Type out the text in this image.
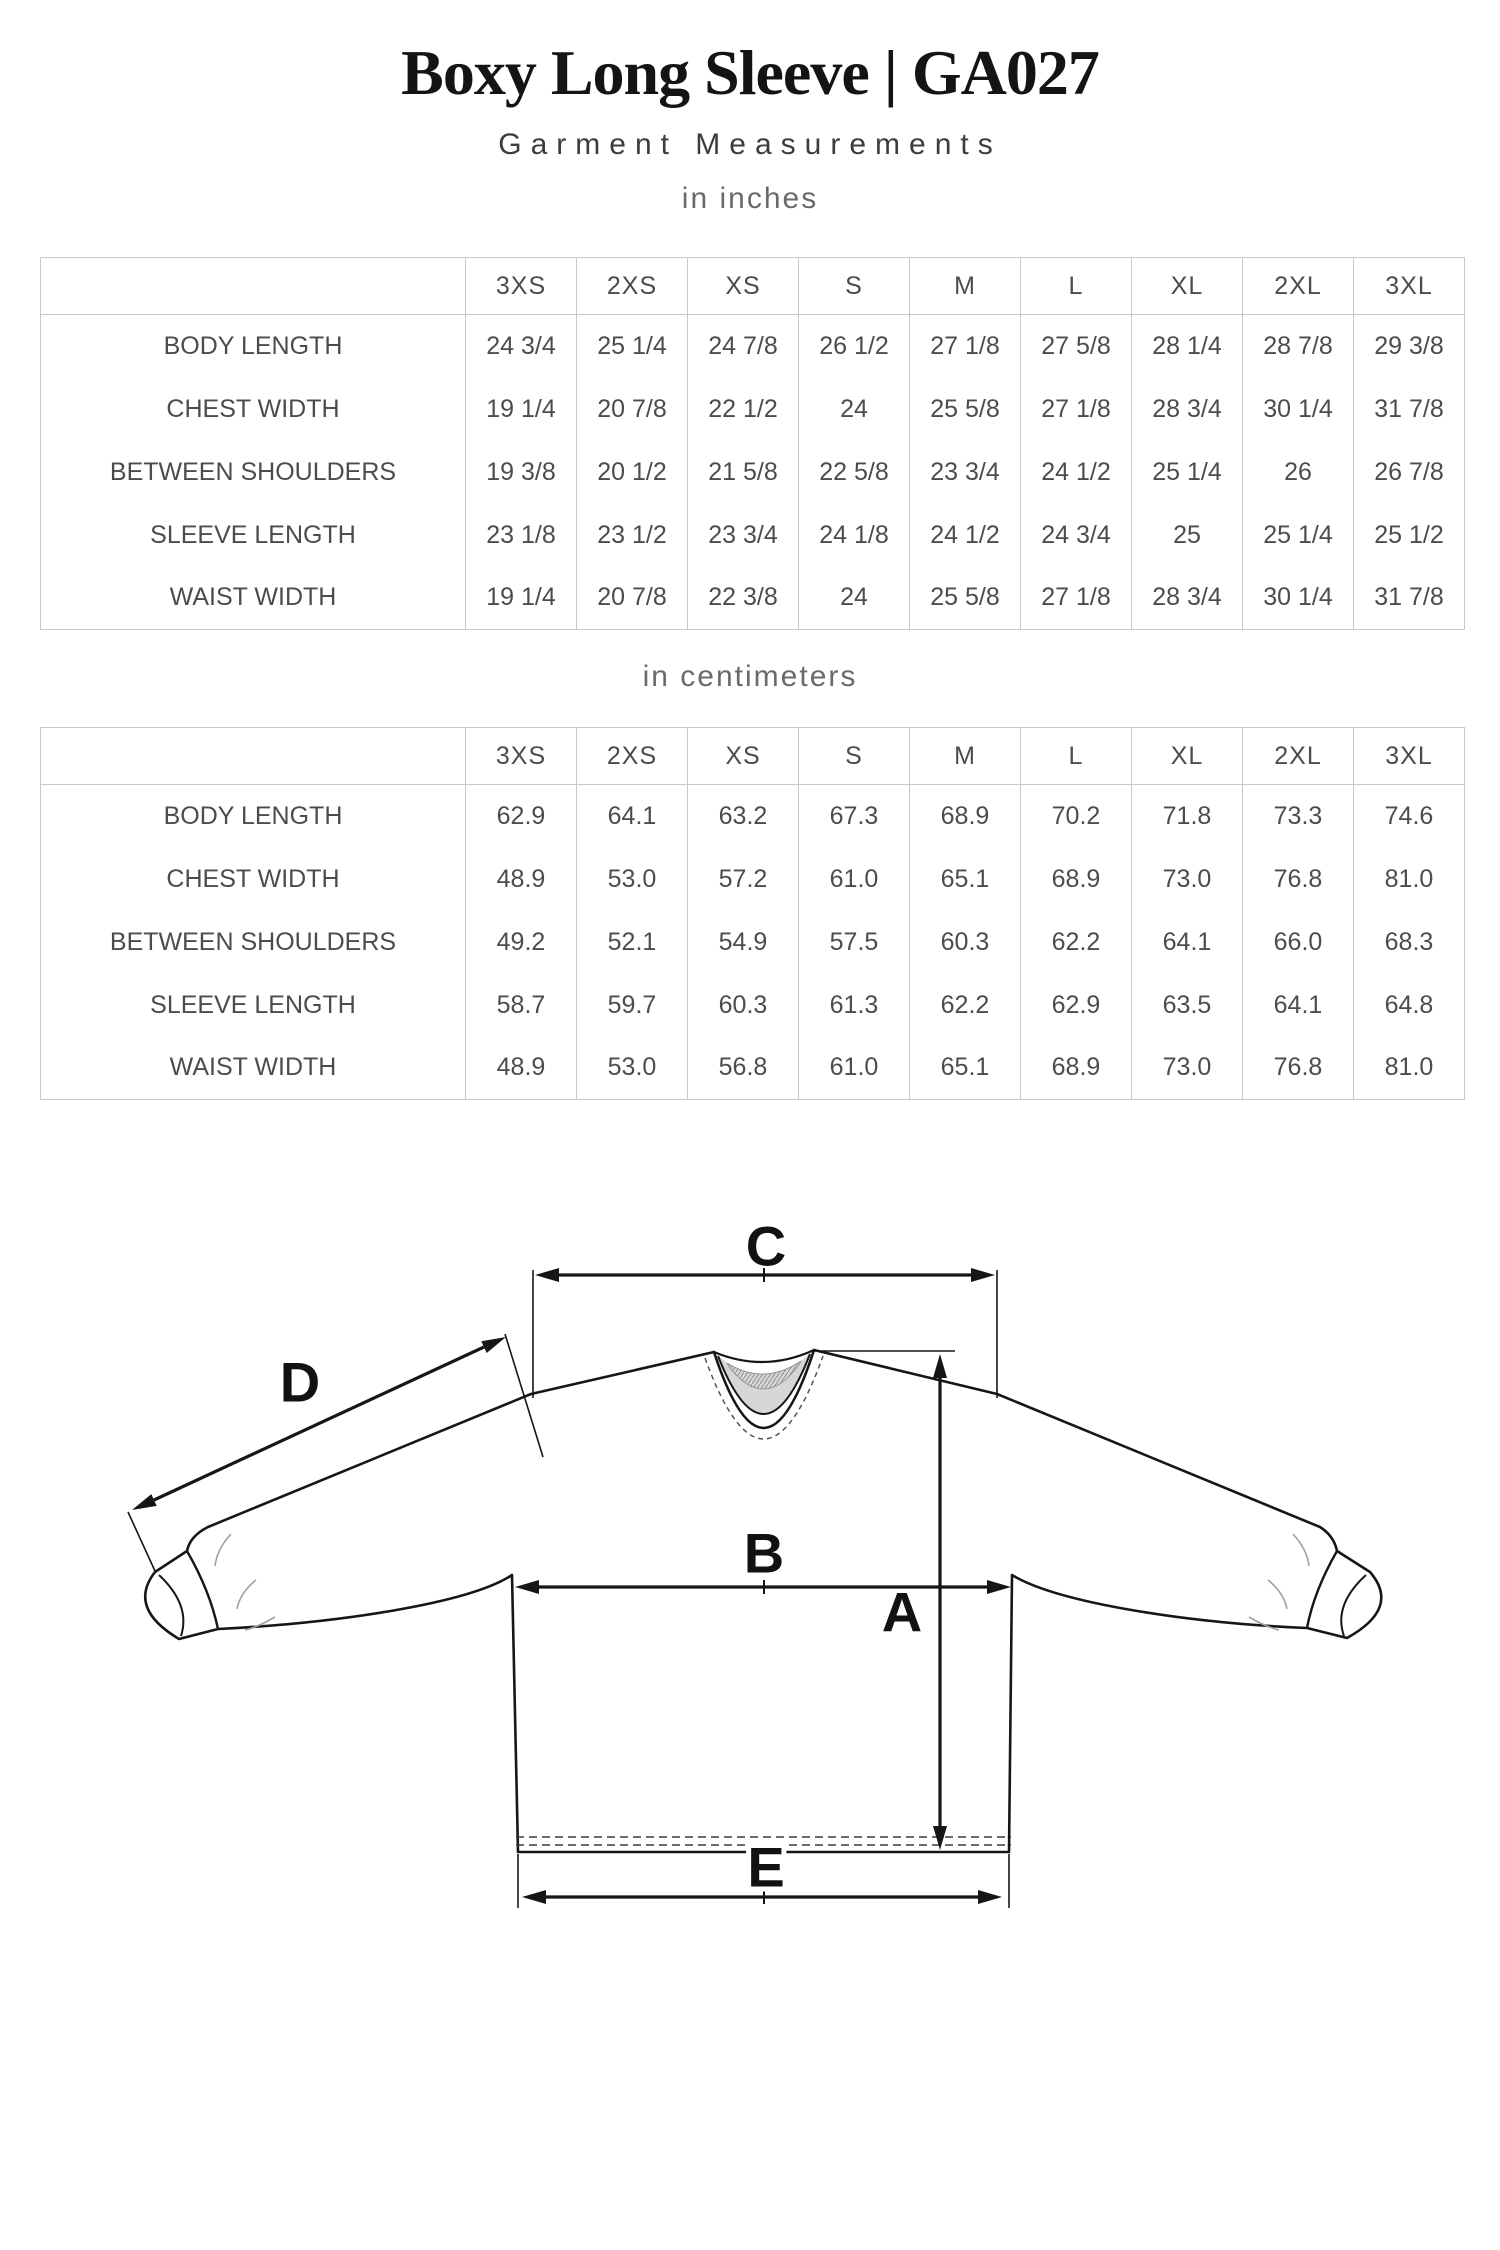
Boxy Long Sleeve | GA027
Garment Measurements
in inches
	3XS	2XS	XS	S	M	L	XL	2XL	3XL
BODY LENGTH	24 3/4	25 1/4	24 7/8	26 1/2	27 1/8	27 5/8	28 1/4	28 7/8	29 3/8
CHEST WIDTH	19 1/4	20 7/8	22 1/2	24	25 5/8	27 1/8	28 3/4	30 1/4	31 7/8
BETWEEN SHOULDERS	19 3/8	20 1/2	21 5/8	22 5/8	23 3/4	24 1/2	25 1/4	26	26 7/8
SLEEVE LENGTH	23 1/8	23 1/2	23 3/4	24 1/8	24 1/2	24 3/4	25	25 1/4	25 1/2
WAIST WIDTH	19 1/4	20 7/8	22 3/8	24	25 5/8	27 1/8	28 3/4	30 1/4	31 7/8
in centimeters
	3XS	2XS	XS	S	M	L	XL	2XL	3XL
BODY LENGTH	62.9	64.1	63.2	67.3	68.9	70.2	71.8	73.3	74.6
CHEST WIDTH	48.9	53.0	57.2	61.0	65.1	68.9	73.0	76.8	81.0
BETWEEN SHOULDERS	49.2	52.1	54.9	57.5	60.3	62.2	64.1	66.0	68.3
SLEEVE LENGTH	58.7	59.7	60.3	61.3	62.2	62.9	63.5	64.1	64.8
WAIST WIDTH	48.9	53.0	56.8	61.0	65.1	68.9	73.0	76.8	81.0
C
D
B
A
E
